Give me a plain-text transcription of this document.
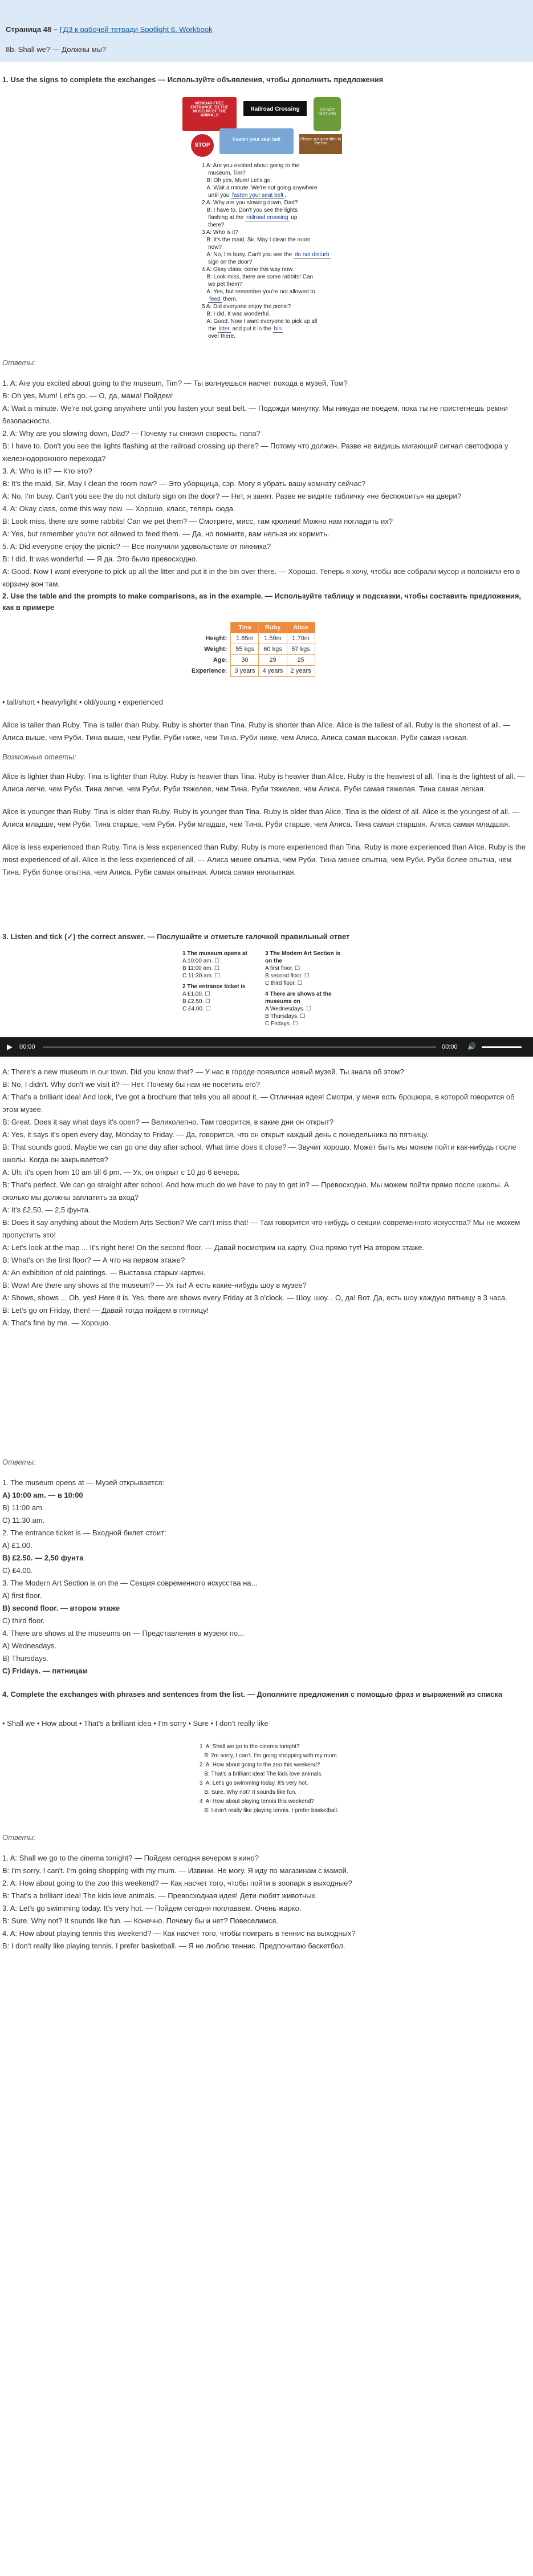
Страница 48 – ГДЗ к рабочей тетради Spotlight 6. Workbook
8b. Shall we? — Должны мы?
1. Use the signs to complete the exchanges — Используйте объявления, чтобы дополнить предложения
MONDAY-FREE ENTRANCE TO THE MUSEUM OF THE ANIMALS
Railroad Crossing	DO NOT DISTURB
STOP
Fasten your seat belt	Please put your litter in the bin
1 A: Are you excited about going to the
museum, Tim?
B: Oh yes, Mum! Let's go.
A: Wait a minute. We're not going anywhere
until you fasten your seat belt .
2 A: Why are you slowing down, Dad?
B: I have to. Don't you see the lights
flashing at the railroad crossing up
there?
3 A: Who is it?
B: It's the maid, Sir. May I clean the room
now?
A: No, I'm busy. Can't you see the do not disturb
sign on the door?
4 A: Okay class, come this way now.
B: Look miss, there are some rabbits! Can
we pet them?
A: Yes, but remember you're not allowed to
feed them.
5 A: Did everyone enjoy the picnic?
B: I did. It was wonderful.
A: Good. Now I want everyone to pick up all
the litter and put it in the bin
over there.
Ответы:
1. A: Are you excited about going to the museum, Tim? — Ты волнуешься насчет похода в музей, Том?
B: Oh yes, Mum! Let's go. — О, да, мама! Пойдем!
A: Wait a minute. We're not going anywhere until you fasten your seat belt. — Подожди минутку. Мы никуда не поедем, пока ты не пристегнешь ремни безопасности.
2. A: Why are you slowing down, Dad? — Почему ты снизил скорость, папа?
B: I have to. Don't you see the lights flashing at the railroad crossing up there? — Потому что должен. Разве не видишь мигающий сигнал светофора у железнодорожного перехода?
3. A: Who is it? — Кто это?
B: It's the maid, Sir. May I clean the room now? — Это уборщица, сэр. Могу я убрать вашу комнату сейчас?
A: No, I'm busy. Can't you see the do not disturb sign on the door? — Нет, я занят. Разве не видите табличку «не беспокоить» на двери?
4. A: Okay class, come this way now. — Хорошо, класс, теперь сюда.
B: Look miss, there are some rabbits! Can we pet them? — Смотрите, мисс, там кролики! Можно нам погладить их?
A: Yes, but remember you're not allowed to feed them. — Да, но помните, вам нельзя их кормить.
5. A: Did everyone enjoy the picnic? — Все получили удовольствие от пикника?
B: I did. It was wonderful. — Я да. Это было превосходно.
A: Good. Now I want everyone to pick up all the litter and put it in the bin over there. — Хорошо. Теперь я хочу, чтобы все собрали мусор и положили его в корзину вон там.
2. Use the table and the prompts to make comparisons, as in the example. — Используйте таблицу и подсказки, чтобы составить предложения, как в примере
	Tina	Ruby	Alice
Height:	1.65m	1.59m	1.70m
Weight:	55 kgs	60 kgs	57 kgs
Age:	30	29	25
Experience:	3 years	4 years	2 years
• tall/short • heavy/light • old/young • experienced
Alice is taller than Ruby. Tina is taller than Ruby. Ruby is shorter than Tina. Ruby is shorter than Alice. Alice is the tallest of all. Ruby is the shortest of all. — Алиса выше, чем Руби. Тина выше, чем Руби. Руби ниже, чем Тина. Руби ниже, чем Алиса. Алиса самая высокая. Руби самая низкая.
Возможные ответы:
Alice is lighter than Ruby. Tina is lighter than Ruby. Ruby is heavier than Tina. Ruby is heavier than Alice. Ruby is the heaviest of all. Tina is the lightest of all. — Алиса легче, чем Руби. Тина легче, чем Руби. Руби тяжелее, чем Тина. Руби тяжелее, чем Алиса. Руби самая тяжелая. Тина самая легкая.
Alice is younger than Ruby. Tina is older than Ruby. Ruby is younger than Tina. Ruby is older than Alice. Tina is the oldest of all. Alice is the youngest of all. — Алиса младше, чем Руби. Тина старше, чем Руби. Руби младше, чем Тина. Руби старше, чем Алиса. Тина самая старшая. Алиса самая младшая.
Alice is less experienced than Ruby. Tina is less experienced than Ruby. Ruby is more experienced than Tina. Ruby is more experienced than Alice. Ruby is the most experienced of all. Alice is the less experienced of all. — Алиса менее опытна, чем Руби. Тина менее опытна, чем Руби. Руби более опытна, чем Тина. Руби более опытна, чем Алиса. Руби самая опытная. Алиса самая неопытная.
3. Listen and tick (✓) the correct answer. — Послушайте и отметьте галочкой правильный ответ
1 The museum opens at
A 10:00 am. ☐
B 11:00 am. ☐
C 11:30 am. ☐
2 The entrance ticket is
A £1.00. ☐
B £2.50. ☐
C £4.00. ☐
3 The Modern Art Section is on the
A first floor. ☐
B second floor. ☐
C third floor. ☐
4 There are shows at the museums on
A Wednesdays. ☐
B Thursdays. ☐
C Fridays. ☐
▶ 00:00	00:00 🔊
A: There's a new museum in our town. Did you know that? — У нас в городе появился новый музей. Ты знала об этом?
B: No, I didn't. Why don't we visit it? — Нет. Почему бы нам не посетить его?
A: That's a brilliant idea! And look, I've got a brochure that tells you all about it. — Отличная идея! Смотри, у меня есть брошюра, в которой говорится об этом музее.
B: Great. Does it say what days it's open? — Великолепно. Там говорится, в какие дни он открыт?
A: Yes, it says it's open every day, Monday to Friday. — Да, говорится, что он открыт каждый день с понедельника по пятницу.
B: That sounds good. Maybe we can go one day after school. What time does it close? — Звучит хорошо. Может быть мы можем пойти как-нибудь после школы. Когда он закрывается?
A: Uh, it's open from 10 am till 6 pm. — Ух, он открыт с 10 до 6 вечера.
B: That's perfect. We can go straight after school. And how much do we have to pay to get in? — Превосходно. Мы можем пойти прямо после школы. А сколько мы должны заплатить за вход?
A: It's £2.50. — 2,5 фунта.
B: Does it say anything about the Modern Arts Section? We can't miss that! — Там говорится что-нибудь о секции современного искусства? Мы не можем пропустить это!
A: Let's look at the map ... It's right here! On the second floor. — Давай посмотрим на карту. Она прямо тут! На втором этаже.
B: What's on the first floor? — А что на первом этаже?
A: An exhibition of old paintings. — Выставка старых картин.
B: Wow! Are there any shows at the museum? — Ух ты! А есть какие-нибудь шоу в музее?
A: Shows, shows ... Oh, yes! Here it is. Yes, there are shows every Friday at 3 o'clock. — Шоу, шоу... О, да! Вот. Да, есть шоу каждую пятницу в 3 часа.
B: Let's go on Friday, then! — Давай тогда пойдем в пятницу!
A: That's fine by me. — Хорошо.
Ответы:
1. The museum opens at — Музей открывается:
A) 10:00 am. — в 10:00
B) 11:00 am.
C) 11:30 am.
2. The entrance ticket is — Входной билет стоит:
A) £1.00.
B) £2.50. — 2,50 фунта
C) £4.00.
3. The Modern Art Section is on the — Секция современного искусства на...
A) first floor.
B) second floor. — втором этаже
C) third floor.
4. There are shows at the museums on — Представления в музеях по...
A) Wednesdays.
B) Thursdays.
C) Fridays. — пятницам
4. Complete the exchanges with phrases and sentences from the list. — Дополните предложения с помощью фраз и выражений из списка
• Shall we • How about • That's a brilliant idea • I'm sorry • Sure • I don't really like
1  A: Shall we go to the cinema tonight?
B: I'm sorry, I can't. I'm going shopping with my mum.
2  A: How about going to the zoo this weekend?
B: That's a brilliant idea! The kids love animals.
3  A: Let's go swimming today. It's very hot.
B: Sure. Why not? It sounds like fun.
4  A: How about playing tennis this weekend?
B: I don't really like playing tennis. I prefer basketball.
Ответы:
1. A: Shall we go to the cinema tonight? — Пойдем сегодня вечером в кино?
B: I'm sorry, I can't. I'm going shopping with my mum. — Извини. Не могу. Я иду по магазинам с мамой.
2. A: How about going to the zoo this weekend? — Как насчет того, чтобы пойти в зоопарк в выходные?
B: That's a brilliant idea! The kids love animals. — Превосходная идея! Дети любят животных.
3. A: Let's go swimming today. It's very hot. — Пойдем сегодня поплаваем. Очень жарко.
B: Sure. Why not? It sounds like fun. — Конечно. Почему бы и нет? Повеселимся.
4. A: How about playing tennis this weekend? — Как насчет того, чтобы поиграть в теннис на выходных?
B: I don't really like playing tennis. I prefer basketball. — Я не люблю теннис. Предпочитаю баскетбол.
